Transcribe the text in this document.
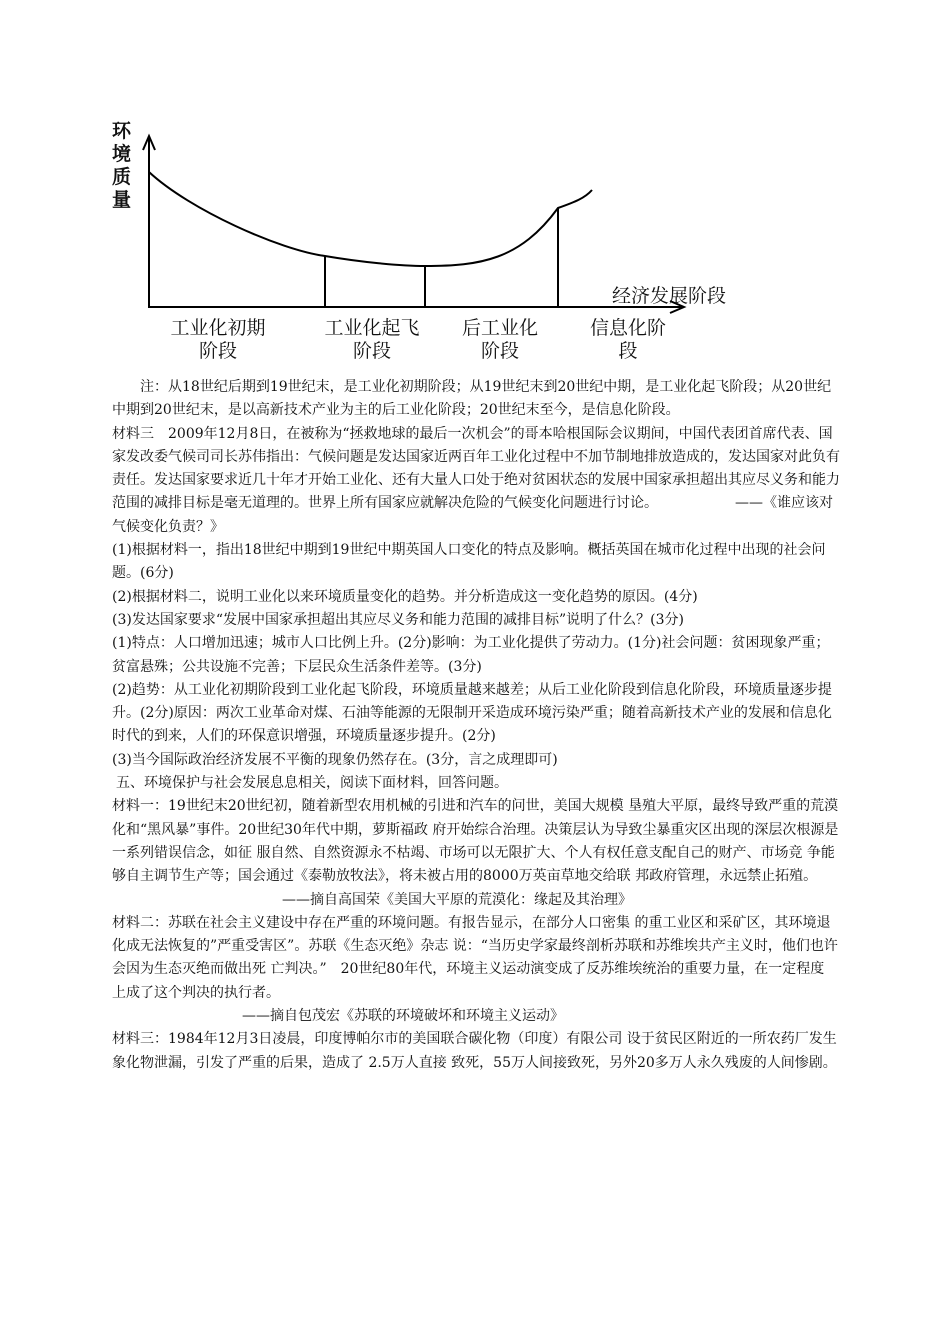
环境质量
经济发展阶段
工业化初期阶段
工业化起飞阶段
后工业化阶段
信息化阶段

注：从18世纪后期到19世纪末，是工业化初期阶段；从19世纪末到20世纪中期，是工业化起飞阶段；从20世纪中期到20世纪末，是以高新技术产业为主的后工业化阶段；20世纪末至今，是信息化阶段。

材料三　2009年12月8日，在被称为“拯救地球的最后一次机会”的哥本哈根国际会议期间，中国代表团首席代表、国家发改委气候司司长苏伟指出：气候问题是发达国家近两百年工业化过程中不加节制地排放造成的，发达国家对此负有责任。发达国家要求近几十年才开始工业化、还有大量人口处于绝对贫困状态的发展中国家承担超出其应尽义务和能力范围的减排目标是毫无道理的。世界上所有国家应就解决危险的气候变化问题进行讨论。　　　　　　——《谁应该对气候变化负责？》

(1)根据材料一，指出18世纪中期到19世纪中期英国人口变化的特点及影响。概括英国在城市化过程中出现的社会问题。(6分)

(2)根据材料二，说明工业化以来环境质量变化的趋势。并分析造成这一变化趋势的原因。(4分)

(3)发达国家要求“发展中国家承担超出其应尽义务和能力范围的减排目标”说明了什么？(3分)

(1)特点：人口增加迅速；城市人口比例上升。(2分)影响：为工业化提供了劳动力。(1分)社会问题：贫困现象严重；贫富悬殊；公共设施不完善；下层民众生活条件差等。(3分)

(2)趋势：从工业化初期阶段到工业化起飞阶段，环境质量越来越差；从后工业化阶段到信息化阶段，环境质量逐步提升。(2分)原因：两次工业革命对煤、石油等能源的无限制开采造成环境污染严重；随着高新技术产业的发展和信息化时代的到来，人们的环保意识增强，环境质量逐步提升。(2分)

(3)当今国际政治经济发展不平衡的现象仍然存在。(3分，言之成理即可)

五、环境保护与社会发展息息相关，阅读下面材料，回答问题。

材料一：19世纪末20世纪初，随着新型农用机械的引进和汽车的问世，美国大规模 垦殖大平原，最终导致严重的荒漠化和“黑风暴”事件。20世纪30年代中期，萝斯福政 府开始综合治理。决策层认为导致尘暴重灾区出现的深层次根源是一系列错误信念，如征 服自然、自然资源永不枯竭、市场可以无限扩大、个人有权任意支配自己的财产、市场竞 争能够自主调节生产等；国会通过《泰勒放牧法》，将未被占用的8000万英亩草地交给联 邦政府管理，永远禁止拓殖。

——摘自高国荣《美国大平原的荒漠化：缘起及其治理》

材料二：苏联在社会主义建设中存在严重的环境问题。有报告显示，在部分人口密集 的重工业区和采矿区，其环境退化成无法恢复的”严重受害区”。苏联《生态灭绝》杂志 说：“当历史学家最终剖析苏联和苏维埃共产主义时，他们也许会因为生态灭绝而做出死 亡判决。”　20世纪80年代，环境主义运动演变成了反苏维埃统治的重要力量，在一定程度 上成了这个判决的执行者。

——摘自包茂宏《苏联的环境破坏和环境主义运动》

材料三：1984年12月3日凌晨，印度博帕尔市的美国联合碳化物（印度）有限公司 设于贫民区附近的一所农药厂发生象化物泄漏，引发了严重的后果，造成了 2.5万人直接 致死，55万人间接致死，另外20多万人永久残废的人间惨剧。
